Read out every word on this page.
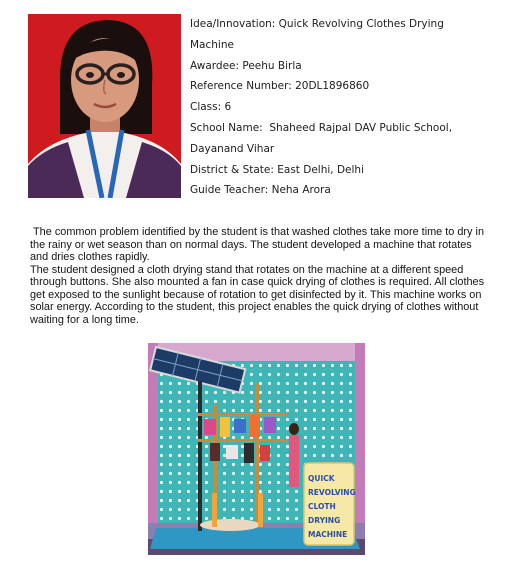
Idea/Innovation: Quick Revolving Clothes Drying
Machine
Awardee: Peehu Birla
Reference Number: 20DL1896860
Class: 6
School Name:  Shaheed Rajpal DAV Public School,
Dayanand Vihar
District & State: East Delhi, Delhi
Guide Teacher: Neha Arora

The common problem identified by the student is that washed clothes take more time to dry in the rainy or wet season than on normal days. The student developed a machine that rotates and dries clothes rapidly.

The student designed a cloth drying stand that rotates on the machine at a different speed through buttons. She also mounted a fan in case quick drying of clothes is required. All clothes get exposed to the sunlight because of rotation to get disinfected by it. This machine works on solar energy. According to the student, this project enables the quick drying of clothes without waiting for a long time.

QUICK
REVOLVING
CLOTH
DRYING
MACHINE
